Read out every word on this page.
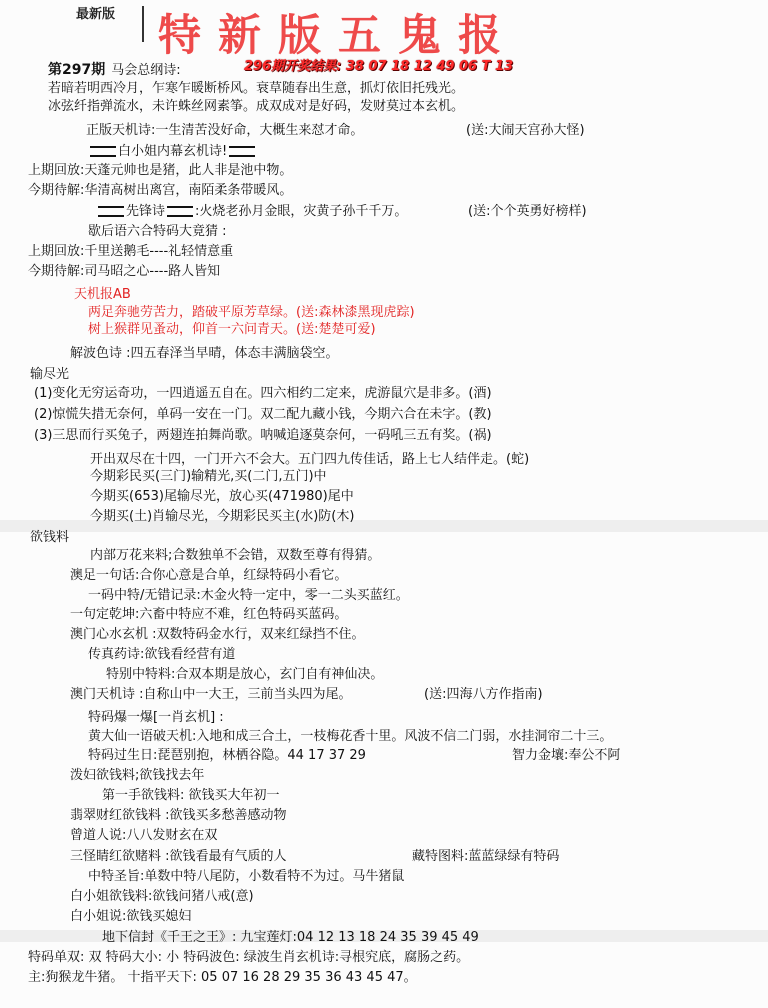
最新版 特新版五鬼报
第297期 马会总纲诗:	296期开奖结果: 38 07 18 12 49 06 T 13
若暗若明西冷月，乍寒乍暖断桥风。衰草随春出生意，抓灯依旧托残光。
冰弦纤指弹流水，未许蛛丝网素筝。成双成对是好码，发财莫过本玄机。
正版天机诗:一生清苦没好命，大概生来怼才命。	(送:大闹天宫孙大怪)
白小姐内幕玄机诗!
上期回放:天蓬元帅也是猪，此人非是池中物。
今期待解:华清高树出离宫，南陌柔条带暖风。
先锋诗 :火烧老孙月金眼，灾黄子孙千千万。	(送:个个英勇好榜样)
歇后语六合特码大竟猜 :
上期回放:千里送鹅毛----礼轻情意重
今期待解:司马昭之心----路人皆知
天机报AB
两足奔驰劳苦力，踏破平原芳草绿。(送:森林漆黑现虎踪)
树上猴群见蚤动，仰首一六问青天。(送:楚楚可爱)
解波色诗 :四五春泽当早晴，体态丰满脑袋空。
输尽光
(1)变化无穷运奇功，一四逍遥五自在。四六相约二定来，虎游鼠穴是非多。(酒)
(2)惊慌失措无奈何，单码一安在一门。双二配九藏小钱，今期六合在未字。(教)
(3)三思而行买兔子，两翅连拍舞尚歌。呐喊追逐莫奈何，一码吼三五有奖。(祸)
开出双尽在十四，一门开六不会大。五门四九传佳话，路上七人结伴走。(蛇)
今期彩民买(三门)输精光,买(二门,五门)中
今期买(653)尾输尽光，放心买(471980)尾中
今期买(土)肖输尽光，今期彩民买主(水)防(木)
欲钱料
内部万花来料;合数独单不会错，双数至尊有得猜。
澳足一句话:合你心意是合单，红绿特码小看它。
一码中特/无错记录:木金火特一定中，零一二头买蓝红。
一句定乾坤:六畜中特应不难，红色特码买蓝码。
澳门心水玄机 :双数特码金水行，双来红绿挡不住。
传真药诗:欲钱看经营有道
特别中特料:合双本期是放心，玄门自有神仙决。
澳门天机诗 :自称山中一大王，三前当头四为尾。	(送:四海八方作指南)
特码爆一爆[一肖玄机] :
黄大仙一语破天机:入地和成三合土，一枝梅花香十里。风波不信二门弱，水挂洞帘二十三。
特码过生日:琵琶别抱，林栖谷隐。44 17 37 29	智力金壤:奉公不阿
泼妇欲钱料;欲钱找去年
第一手欲钱料: 欲钱买大年初一
翡翠财红欲钱料 :欲钱买多愁善感动物
曾道人说:八八发财玄在双
三怪睛红欲赌料 :欲钱看最有气质的人	藏特图料:蓝蓝绿绿有特码
中特圣旨:单数中特八尾防，小数看特不为过。马牛猪鼠
白小姐欲钱料:欲钱问猪八戒(意)
白小姐说:欲钱买媳妇
地下信封《千王之王》: 九宝莲灯:04 12 13 18 24 35 39 45 49
特码单双: 双 特码大小: 小 特码波色: 绿波生肖玄机诗:寻根究底，腐肠之药。
主:狗猴龙牛猪。 十指平天下: 05 07 16 28 29 35 36 43 45 47。
